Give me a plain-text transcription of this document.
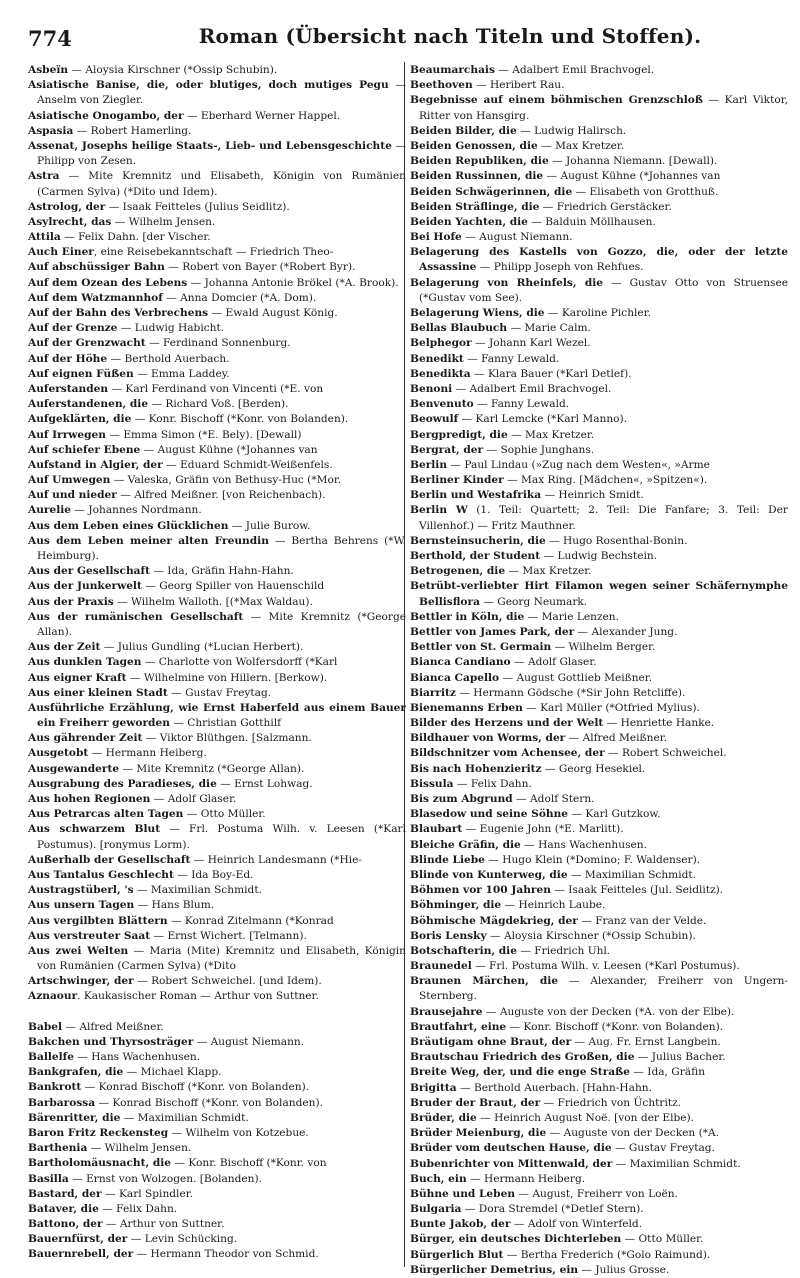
774	Roman (Übersicht nach Titeln und Stoffen).

Asbeïn — Aloysia Kirschner (*Ossip Schubin).

Asiatische Banise, die, oder blutiges, doch mutiges Pegu — Anselm von Ziegler.

Asiatische Onogambo, der — Eberhard Werner Happel.

Aspasia — Robert Hamerling.

Assenat, Josephs heilige Staats-, Lieb- und Lebensgeschichte — Philipp von Zesen.

Astra — Mite Kremnitz und Elisabeth, Königin von Rumänien (Carmen Sylva) (*Dito und Idem).

Astrolog, der — Isaak Feitteles (Julius Seidlitz).

Asylrecht, das — Wilhelm Jensen.

Attila — Felix Dahn. [der Vischer.

Auch Einer, eine Reisebekanntschaft — Friedrich Theo-

Auf abschüssiger Bahn — Robert von Bayer (*Robert Byr).

Auf dem Ozean des Lebens — Johanna Antonie Brökel (*A. Brook).

Auf dem Watzmannhof — Anna Domcier (*A. Dom).

Auf der Bahn des Verbrechens — Ewald August König.

Auf der Grenze — Ludwig Habicht.

Auf der Grenzwacht — Ferdinand Sonnenburg.

Auf der Höhe — Berthold Auerbach.

Auf eignen Füßen — Emma Laddey.

Auferstanden — Karl Ferdinand von Vincenti (*E. von

Auferstandenen, die — Richard Voß. [Berden).

Aufgeklärten, die — Konr. Bischoff (*Konr. von Bolanden).

Auf Irrwegen — Emma Simon (*E. Bely). [Dewall)

Auf schiefer Ebene — August Kühne (*Johannes van

Aufstand in Algier, der — Eduard Schmidt-Weißenfels.

Auf Umwegen — Valeska, Gräfin von Bethusy-Huc (*Mor.

Auf und nieder — Alfred Meißner. [von Reichenbach).

Aurelie — Johannes Nordmann.

Aus dem Leben eines Glücklichen — Julie Burow.

Aus dem Leben meiner alten Freundin — Bertha Behrens (*W. Heimburg).

Aus der Gesellschaft — Ida, Gräfin Hahn-Hahn.

Aus der Junkerwelt — Georg Spiller von Hauenschild

Aus der Praxis — Wilhelm Walloth. [(*Max Waldau).

Aus der rumänischen Gesellschaft — Mite Kremnitz (*George Allan).

Aus der Zeit — Julius Gundling (*Lucian Herbert).

Aus dunklen Tagen — Charlotte von Wolfersdorff (*Karl

Aus eigner Kraft — Wilhelmine von Hillern. [Berkow).

Aus einer kleinen Stadt — Gustav Freytag.

Ausführliche Erzählung, wie Ernst Haberfeld aus einem Bauer ein Freiherr geworden — Christian Gotthilf

Aus gährender Zeit — Viktor Blüthgen. [Salzmann.

Ausgetobt — Hermann Heiberg.

Ausgewanderte — Mite Kremnitz (*George Allan).

Ausgrabung des Paradieses, die — Ernst Lohwag.

Aus hohen Regionen — Adolf Glaser.

Aus Petrarcas alten Tagen — Otto Müller.

Aus schwarzem Blut — Frl. Postuma Wilh. v. Leesen (*Karl Postumus). [ronymus Lorm).

Außerhalb der Gesellschaft — Heinrich Landesmann (*Hie-

Aus Tantalus Geschlecht — Ida Boy-Ed.

Austragstüberl, 's — Maximilian Schmidt.

Aus unsern Tagen — Hans Blum.

Aus vergilbten Blättern — Konrad Zitelmann (*Konrad

Aus verstreuter Saat — Ernst Wichert. [Telmann).

Aus zwei Welten — Maria (Mite) Kremnitz und Elisabeth, Königin von Rumänien (Carmen Sylva) (*Dito

Artschwinger, der — Robert Schweichel. [und Idem).

Aznaour. Kaukasischer Roman — Arthur von Suttner.

Babel — Alfred Meißner.

Bakchen und Thyrsosträger — August Niemann.

Ballelfe — Hans Wachenhusen.

Bankgrafen, die — Michael Klapp.

Bankrott — Konrad Bischoff (*Konr. von Bolanden).

Barbarossa — Konrad Bischoff (*Konr. von Bolanden).

Bärenritter, die — Maximilian Schmidt.

Baron Fritz Reckensteg — Wilhelm von Kotzebue.

Barthenia — Wilhelm Jensen.

Bartholomäusnacht, die — Konr. Bischoff (*Konr. von

Basilla — Ernst von Wolzogen. [Bolanden).

Bastard, der — Karl Spindler.

Bataver, die — Felix Dahn.

Battono, der — Arthur von Suttner.

Bauernfürst, der — Levin Schücking.

Bauernrebell, der — Hermann Theodor von Schmid.

Beaumarchais — Adalbert Emil Brachvogel.

Beethoven — Heribert Rau.

Begebnisse auf einem böhmischen Grenzschloß — Karl Viktor, Ritter von Hansgirg.

Beiden Bilder, die — Ludwig Halirsch.

Beiden Genossen, die — Max Kretzer.

Beiden Republiken, die — Johanna Niemann. [Dewall).

Beiden Russinnen, die — August Kühne (*Johannes van

Beiden Schwägerinnen, die — Elisabeth von Grotthuß.

Beiden Sträflinge, die — Friedrich Gerstäcker.

Beiden Yachten, die — Balduin Möllhausen.

Bei Hofe — August Niemann.

Belagerung des Kastells von Gozzo, die, oder der letzte Assassine — Philipp Joseph von Rehfues.

Belagerung von Rheinfels, die — Gustav Otto von Struensee (*Gustav vom See).

Belagerung Wiens, die — Karoline Pichler.

Bellas Blaubuch — Marie Calm.

Belphegor — Johann Karl Wezel.

Benedikt — Fanny Lewald.

Benedikta — Klara Bauer (*Karl Detlef).

Benoni — Adalbert Emil Brachvogel.

Benvenuto — Fanny Lewald.

Beowulf — Karl Lemcke (*Karl Manno).

Bergpredigt, die — Max Kretzer.

Bergrat, der — Sophie Junghans.

Berlin — Paul Lindau (»Zug nach dem Westen«, »Arme

Berliner Kinder — Max Ring. [Mädchen«, »Spitzen«).

Berlin und Westafrika — Heinrich Smidt.

Berlin W (1. Teil: Quartett; 2. Teil: Die Fanfare; 3. Teil: Der Villenhof.) — Fritz Mauthner.

Bernsteinsucherin, die — Hugo Rosenthal-Bonin.

Berthold, der Student — Ludwig Bechstein.

Betrogenen, die — Max Kretzer.

Betrübt-verliebter Hirt Filamon wegen seiner Schäfernymphe Bellisflora — Georg Neumark.

Bettler in Köln, die — Marie Lenzen.

Bettler von James Park, der — Alexander Jung.

Bettler von St. Germain — Wilhelm Berger.

Bianca Candiano — Adolf Glaser.

Bianca Capello — August Gottlieb Meißner.

Biarritz — Hermann Gödsche (*Sir John Retcliffe).

Bienemanns Erben — Karl Müller (*Otfried Mylius).

Bilder des Herzens und der Welt — Henriette Hanke.

Bildhauer von Worms, der — Alfred Meißner.

Bildschnitzer vom Achensee, der — Robert Schweichel.

Bis nach Hohenzieritz — Georg Hesekiel.

Bissula — Felix Dahn.

Bis zum Abgrund — Adolf Stern.

Blasedow und seine Söhne — Karl Gutzkow.

Blaubart — Eugenie John (*E. Marlitt).

Bleiche Gräfin, die — Hans Wachenhusen.

Blinde Liebe — Hugo Klein (*Domino; F. Waldenser).

Blinde von Kunterweg, die — Maximilian Schmidt.

Böhmen vor 100 Jahren — Isaak Feitteles (Jul. Seidlitz).

Böhminger, die — Heinrich Laube.

Böhmische Mägdekrieg, der — Franz van der Velde.

Boris Lensky — Aloysia Kirschner (*Ossip Schubin).

Botschafterin, die — Friedrich Uhl.

Braunedel — Frl. Postuma Wilh. v. Leesen (*Karl Postumus).

Braunen Märchen, die — Alexander, Freiherr von Ungern-Sternberg.

Brausejahre — Auguste von der Decken (*A. von der Elbe).

Brautfahrt, eine — Konr. Bischoff (*Konr. von Bolanden).

Bräutigam ohne Braut, der — Aug. Fr. Ernst Langbein.

Brautschau Friedrich des Großen, die — Julius Bacher.

Breite Weg, der, und die enge Straße — Ida, Gräfin

Brigitta — Berthold Auerbach. [Hahn-Hahn.

Bruder der Braut, der — Friedrich von Üchtritz.

Brüder, die — Heinrich August Noë. [von der Elbe).

Brüder Meienburg, die — Auguste von der Decken (*A.

Brüder vom deutschen Hause, die — Gustav Freytag.

Bubenrichter von Mittenwald, der — Maximilian Schmidt.

Buch, ein — Hermann Heiberg.

Bühne und Leben — August, Freiherr von Loën.

Bulgaria — Dora Stremdel (*Detlef Stern).

Bunte Jakob, der — Adolf von Winterfeld.

Bürger, ein deutsches Dichterleben — Otto Müller.

Bürgerlich Blut — Bertha Frederich (*Golo Raimund).

Bürgerlicher Demetrius, ein — Julius Grosse.
